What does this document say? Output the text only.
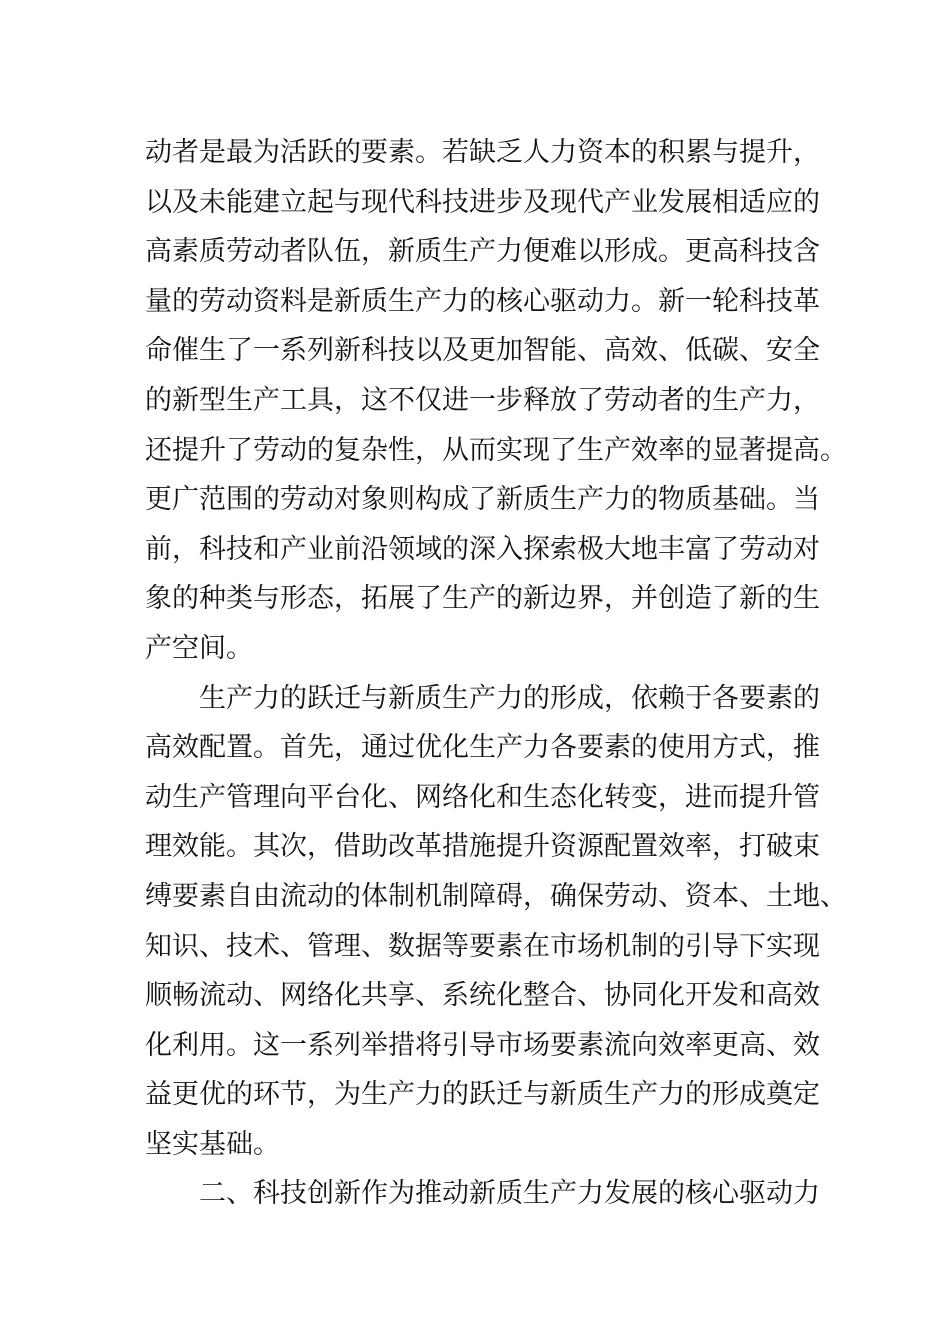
动者是最为活跃的要素。若缺乏人力资本的积累与提升，
以及未能建立起与现代科技进步及现代产业发展相适应的
高素质劳动者队伍，新质生产力便难以形成。更高科技含
量的劳动资料是新质生产力的核心驱动力。新一轮科技革
命催生了一系列新科技以及更加智能、高效、低碳、安全
的新型生产工具，这不仅进一步释放了劳动者的生产力，
还提升了劳动的复杂性，从而实现了生产效率的显著提高。
更广范围的劳动对象则构成了新质生产力的物质基础。当
前，科技和产业前沿领域的深入探索极大地丰富了劳动对
象的种类与形态，拓展了生产的新边界，并创造了新的生
产空间。
生产力的跃迁与新质生产力的形成，依赖于各要素的
高效配置。首先，通过优化生产力各要素的使用方式，推
动生产管理向平台化、网络化和生态化转变，进而提升管
理效能。其次，借助改革措施提升资源配置效率，打破束
缚要素自由流动的体制机制障碍，确保劳动、资本、土地、
知识、技术、管理、数据等要素在市场机制的引导下实现
顺畅流动、网络化共享、系统化整合、协同化开发和高效
化利用。这一系列举措将引导市场要素流向效率更高、效
益更优的环节，为生产力的跃迁与新质生产力的形成奠定
坚实基础。
二、科技创新作为推动新质生产力发展的核心驱动力
